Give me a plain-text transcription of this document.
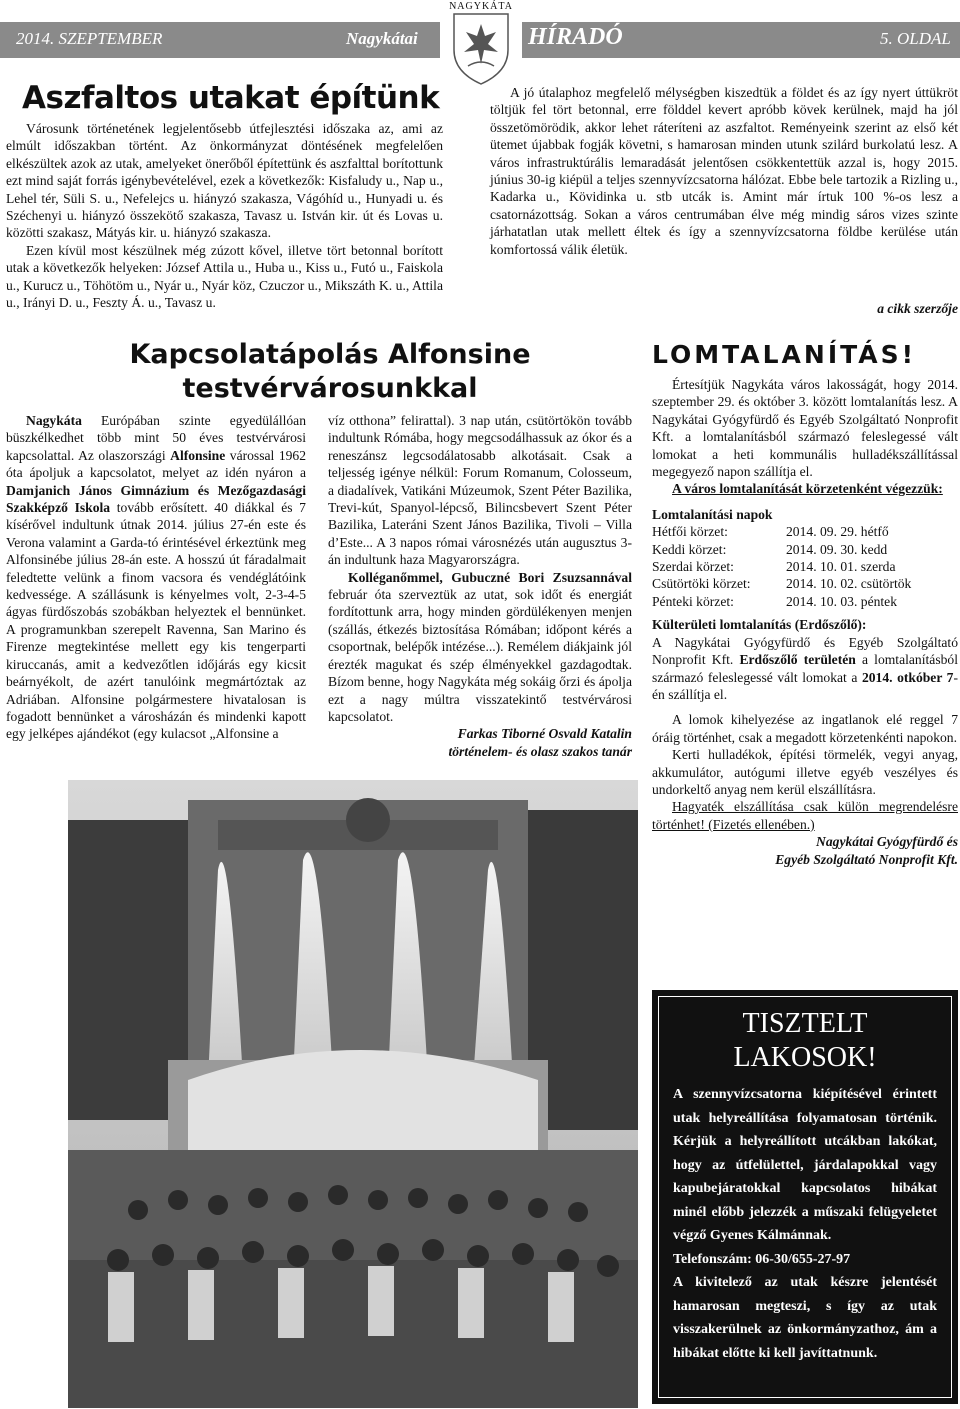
2014. SZEPTEMBER	Nagykátai
NAGYKÁTA
HÍRADÓ	5. OLDAL
Aszfaltos utakat építünk

Városunk történetének legjelentősebb útfejlesztési időszaka az, ami az elmúlt időszakban történt. Az önkormányzat döntésének megfelelően elkészültek azok az utak, amelyeket önerőből építettünk és aszfalttal borítottunk ezt mind saját forrás igénybevételével, ezek a következők: Kisfaludy u., Nap u., Lehel tér, Süli S. u., Nefelejcs u. hiányzó szakasza, Vágóhíd u., Hunyadi u. és Széchenyi u. hiányzó összekötő szakasza, Tavasz u. István kir. út és Lovas u. közötti szakasz, Mátyás kir. u. hiányzó szakasza.

Ezen kívül most készülnek még zúzott kővel, illetve tört betonnal borított utak a következők helyeken: József Attila u., Huba u., Kiss u., Futó u., Faiskola u., Kurucz u., Töhötöm u., Nyár u., Nyár köz, Czuczor u., Mikszáth K. u., Attila u., Irányi D. u., Feszty Á. u., Tavasz u.

A jó útalaphoz megfelelő mélységben kiszedtük a földet és az így nyert úttükröt töltjük fel tört betonnal, erre földdel kevert apróbb kövek kerülnek, majd ha jól összetömörödik, akkor lehet ráteríteni az aszfaltot. Reményeink szerint az első két ütemet újabbak fogják követni, s hamarosan minden utunk szilárd burkolatú lesz. A város infrastruktúrális lemaradását jelentősen csökkentettük azzal is, hogy 2015. június 30-ig kiépül a teljes szennyvízcsatorna hálózat. Ebbe bele tartozik a Rizling u., Kadarka u., Kövidinka u. stb utcák is. Amint már írtuk 100 %-os lesz a csatornázottság. Sokan a város centrumában élve még mindig sáros vizes szinte járhatatlan utak mellett éltek és így a szennyvízcsatorna földbe kerülése után komfortossá válik életük.

a cikk szerzője
Kapcsolatápolás Alfonsine
testvérvárosunkkal

Nagykáta Európában szinte egyedülállóan büszkélkedhet több mint 50 éves testvérvárosi kapcsolattal. Az olaszországi Alfonsine várossal 1962 óta ápoljuk a kapcsolatot, melyet az idén nyáron a Damjanich János Gimnázium és Mezőgazdasági Szakképző Iskola tovább erősített. 40 diákkal és 7 kísérővel indultunk útnak 2014. július 27-én este és Verona valamint a Garda-tó érintésével érkeztünk meg Alfonsinébe július 28-án este. A hosszú út fáradalmait feledtette velünk a finom vacsora és vendéglátóink kedvessége. A szállásunk is kényelmes volt, 2-3-4-5 ágyas fürdőszobás szobákban helyeztek el bennünket. A programunkban szerepelt Ravenna, San Marino és Firenze megtekintése mellett egy kis tengerparti kiruccanás, amit a kedvezőtlen időjárás egy kicsit beárnyékolt, de azért tanulóink megmártóztak az Adriában. Alfonsine polgármestere hivatalosan is fogadott bennünket a városházán és mindenki kapott egy jelképes ajándékot (egy kulacsot „Alfonsine a

víz otthona” felirattal). 3 nap után, csütörtökön tovább indultunk Rómába, hogy megcsodálhassuk az ókor és a reneszánsz legcsodálatosabb alkotásait. Csak a teljesség igénye nélkül: Forum Romanum, Colosseum, a diadalívek, Vatikáni Múzeumok, Szent Péter Bazilika, Trevi-kút, Spanyol-lépcső, Bilincsbevert Szent Péter Bazilika, Lateráni Szent János Bazilika, Tivoli – Villa d’Este... A 3 napos római városnézés után augusztus 3-án indultunk haza Magyarországra.

Kolléganőmmel, Gubuczné Bori Zsuzsannával február óta szerveztük az utat, sok időt és energiát fordítottunk arra, hogy minden gördülékenyen menjen (szállás, étkezés biztosítása Rómában; időpont kérés a csoportnak, belépők intézése...). Remélem diákjaink jól érezték magukat és szép élményekkel gazdagodtak. Bízom benne, hogy Nagykáta még sokáig őrzi és ápolja ezt a nagy múltra visszatekintő testvérvárosi kapcsolatot.

Farkas Tiborné Osvald Katalin
történelem- és olasz szakos tanár
LOMTALANÍTÁS!

Értesítjük Nagykáta város lakosságát, hogy 2014. szeptember 29. és október 3. között lomtalanítás lesz. A Nagykátai Gyógyfürdő és Egyéb Szolgáltató Nonprofit Kft. a lomtalanításból származó feleslegessé vált lomokat a heti kommunális hulladékszállítással megegyező napon szállítja el.

A város lomtalanítását körzetenként végezzük:

Lomtalanítási napok

Hétfői körzet:	2014. 09. 29. hétfő
Keddi körzet:	2014. 09. 30. kedd
Szerdai körzet:	2014. 10. 01. szerda
Csütörtöki körzet:	2014. 10. 02. csütörtök
Pénteki körzet:	2014. 10. 03. péntek

Külterületi lomtalanítás (Erdőszőlő):

A Nagykátai Gyógyfürdő és Egyéb Szolgáltató Nonprofit Kft. Erdőszőlő területén a lomtalanításból származó feleslegessé vált lomokat a 2014. otkóber 7-én szállítja el.

A lomok kihelyezése az ingatlanok elé reggel 7 óráig történhet, csak a megadott körzetenkénti napokon.

Kerti hulladékok, építési törmelék, vegyi anyag, akkumulátor, autógumi illetve egyéb veszélyes és undorkeltő anyag nem kerül elszállításra.

Hagyaték elszállítása csak külön megrendelésre történhet! (Fizetés ellenében.)

Nagykátai Gyógyfürdő és
Egyéb Szolgáltató Nonprofit Kft.
TISZTELT
LAKOSOK!
A szennyvízcsatorna kiépítésével érintett utak helyreállítása folyamatosan történik. Kérjük a helyreállított utcákban lakókat, hogy az útfelülettel, járdalapokkal vagy kapubejáratokkal kapcsolatos hibákat minél előbb jelezzék a műszaki felügyeletet végző Gyenes Kálmánnak.
Telefonszám: 06-30/655-27-97
A kivitelező az utak készre jelentését hamarosan megteszi, s így az utak visszakerülnek az önkormányzathoz, ám a hibákat előtte ki kell javíttatnunk.
